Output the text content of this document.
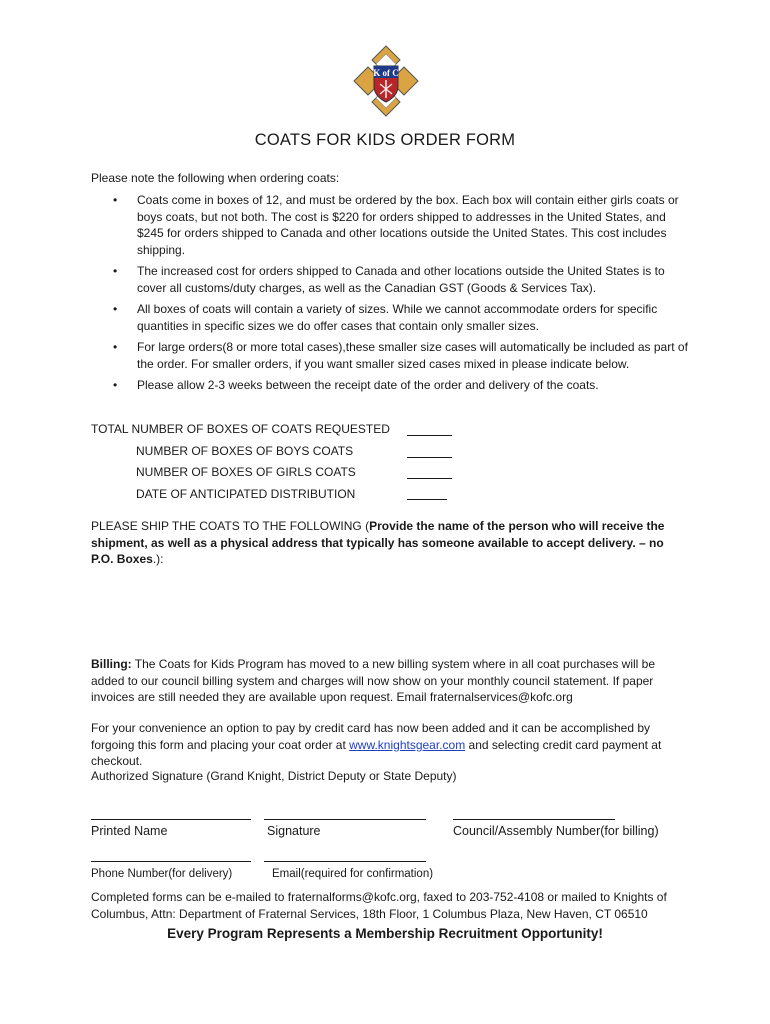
K of C
COATS FOR KIDS ORDER FORM
Please note the following when ordering coats:
• Coats come in boxes of 12, and must be ordered by the box. Each box will contain either girls coats or boys coats, but not both. The cost is $220 for orders shipped to addresses in the United States, and $245 for orders shipped to Canada and other locations outside the United States. This cost includes shipping.
• The increased cost for orders shipped to Canada and other locations outside the United States is to cover all customs/duty charges, as well as the Canadian GST (Goods & Services Tax).
• All boxes of coats will contain a variety of sizes. While we cannot accommodate orders for specific quantities in specific sizes we do offer cases that contain only smaller sizes.
• For large orders(8 or more total cases),these smaller size cases will automatically be included as part of the order. For smaller orders, if you want smaller sized cases mixed in please indicate below.
• Please allow 2-3 weeks between the receipt date of the order and delivery of the coats.
TOTAL NUMBER OF BOXES OF COATS REQUESTED
NUMBER OF BOXES OF BOYS COATS
NUMBER OF BOXES OF GIRLS COATS
DATE OF ANTICIPATED DISTRIBUTION
PLEASE SHIP THE COATS TO THE FOLLOWING (Provide the name of the person who will receive the shipment, as well as a physical address that typically has someone available to accept delivery. – no P.O. Boxes.):
Billing: The Coats for Kids Program has moved to a new billing system where in all coat purchases will be added to our council billing system and charges will now show on your monthly council statement. If paper invoices are still needed they are available upon request. Email fraternalservices@kofc.org
For your convenience an option to pay by credit card has now been added and it can be accomplished by forgoing this form and placing your coat order at www.knightsgear.com and selecting credit card payment at checkout.
Authorized Signature (Grand Knight, District Deputy or State Deputy)
Printed Name	Signature	Council/Assembly Number(for billing)
Phone Number(for delivery)	Email(required for confirmation)
Completed forms can be e-mailed to fraternalforms@kofc.org, faxed to 203-752-4108 or mailed to Knights of Columbus, Attn: Department of Fraternal Services, 18th Floor, 1 Columbus Plaza, New Haven, CT 06510
Every Program Represents a Membership Recruitment Opportunity!
